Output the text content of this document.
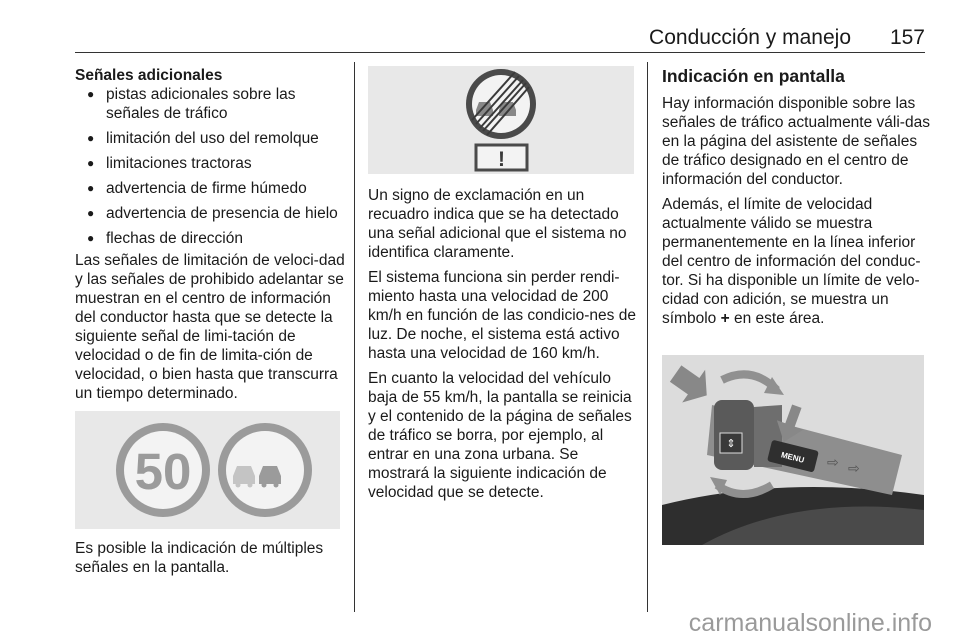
Conducción y manejo 157

Señales adicionales

● pistas adicionales sobre las señales de tráfico
● limitación del uso del remolque
● limitaciones tractoras
● advertencia de firme húmedo
● advertencia de presencia de hielo
● flechas de dirección

Las señales de limitación de veloci-dad y las señales de prohibido adelantar se muestran en el centro de información del conductor hasta que se detecte la siguiente señal de limi-tación de velocidad o de fin de limita-ción de velocidad, o bien hasta que transcurra un tiempo determinado.

50

Es posible la indicación de múltiples señales en la pantalla.

!

Un signo de exclamación en un recuadro indica que se ha detectado una señal adicional que el sistema no identifica claramente.

El sistema funciona sin perder rendi-miento hasta una velocidad de 200 km/h en función de las condicio-nes de luz. De noche, el sistema está activo hasta una velocidad de 160 km/h.

En cuanto la velocidad del vehículo baja de 55 km/h, la pantalla se reinicia y el contenido de la página de señales de tráfico se borra, por ejemplo, al entrar en una zona urbana. Se mostrará la siguiente indicación de velocidad que se detecte.

Indicación en pantalla

Hay información disponible sobre las señales de tráfico actualmente váli-das en la página del asistente de señales de tráfico designado en el centro de información del conductor.

Además, el límite de velocidad actualmente válido se muestra permanentemente en la línea inferior del centro de información del conduc-tor. Si ha disponible un límite de velo-cidad con adición, se muestra un símbolo + en este área.

⇕
MENU ⇨ ⇨
carmanualsonline.info
